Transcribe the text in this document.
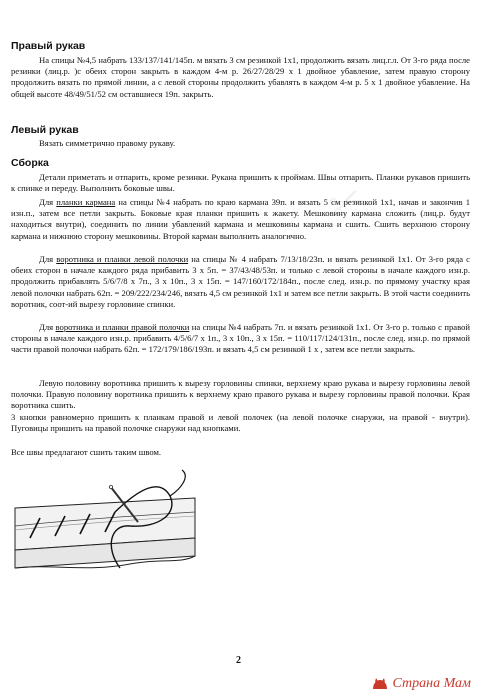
Правый рукав

На спицы №4,5 набрать 133/137/141/145п. м вязать 3 см резинкой 1х1, продолжить вязать лиц.г.л. От 3-го ряда после резинки (лиц.р. )с обеих сторон закрыть в каждом 4-м р. 26/27/28/29 х 1 двойное убавление, затем правую сторону продолжить вязать по прямой линии, а с левой стороны продолжить убавлять в каждом 4-м р. 5 х 1 двойное убавление. На общей высоте 48/49/51/52 см оставшиеся 19п. закрыть.

Левый рукав

Вязать симметрично правому рукаву.

Сборка

Детали приметать и отпарить, кроме резинки. Рукана пришить к проймам. Швы отпарить. Планки рукавов пришить к спинке и переду. Выполнить боковые швы.

Для планки кармана на спицы №4 набрать по краю кармана 39п. и вязать 5 см резинкой 1х1, начав и закончив 1 изн.п., затем все петли закрыть. Боковые края планки пришить к жакету. Мешковину кармана сложить (лиц.р. будут находиться внутри), соединить по линии убавлений кармана и мешковины кармана и сшить. Сшить верхнюю сторону кармана и нижнюю сторону мешковины. Второй карман выполнить аналогично.

Для воротника и планки левой полочки на спицы № 4 набрать 7/13/18/23п. и вязать резинкой 1х1. От 3-го ряда с обеих сторон в начале каждого ряда прибавить 3 х 5п. = 37/43/48/53п. и только с левой стороны в начале каждого изн.р. продолжить прибавлять 5/6/7/8 х 7п., 3 х 10п., 3 х 15п. = 147/160/172/184п., после след. изн.р. по прямому участку края левой полочки набрать 62п. = 209/222/234/246, вязать 4,5 см резинкой 1х1 и затем все петли закрыть. В этой части соединить воротник, соот-ий вырезу горловине спинки.

Для воротника и планки правой полочки на спицы №4 набрать 7п. и вязать резинкой 1х1. От 3-го р. только с правой стороны в начале каждого изн.р. прибавить 4/5/6/7 х 1п., 3 х 10п., 3 х 15п. = 110/117/124/131п., после след. изн.р. по прямой части правой полочки набрать 62п. = 172/179/186/193п. и вязать 4,5 см резинкой 1 х , затем все петли закрыть.

Левую половину воротника пришить к вырезу горловины спинки, верхнему краю рукава и вырезу горловины левой полочки. Правую половину воротника пришить к верхнему краю правого рукава и вырезу горловины правой полочки. Края воротника сшить.

3 кнопки равномерно пришить к планкам правой и левой полочек (на левой полочке снаружи, на правой - внутри). Пуговицы пришить на правой полочке снаружи над кнопками.

Все швы предлагают сшить таким швом.

✂
2
Страна Мам
